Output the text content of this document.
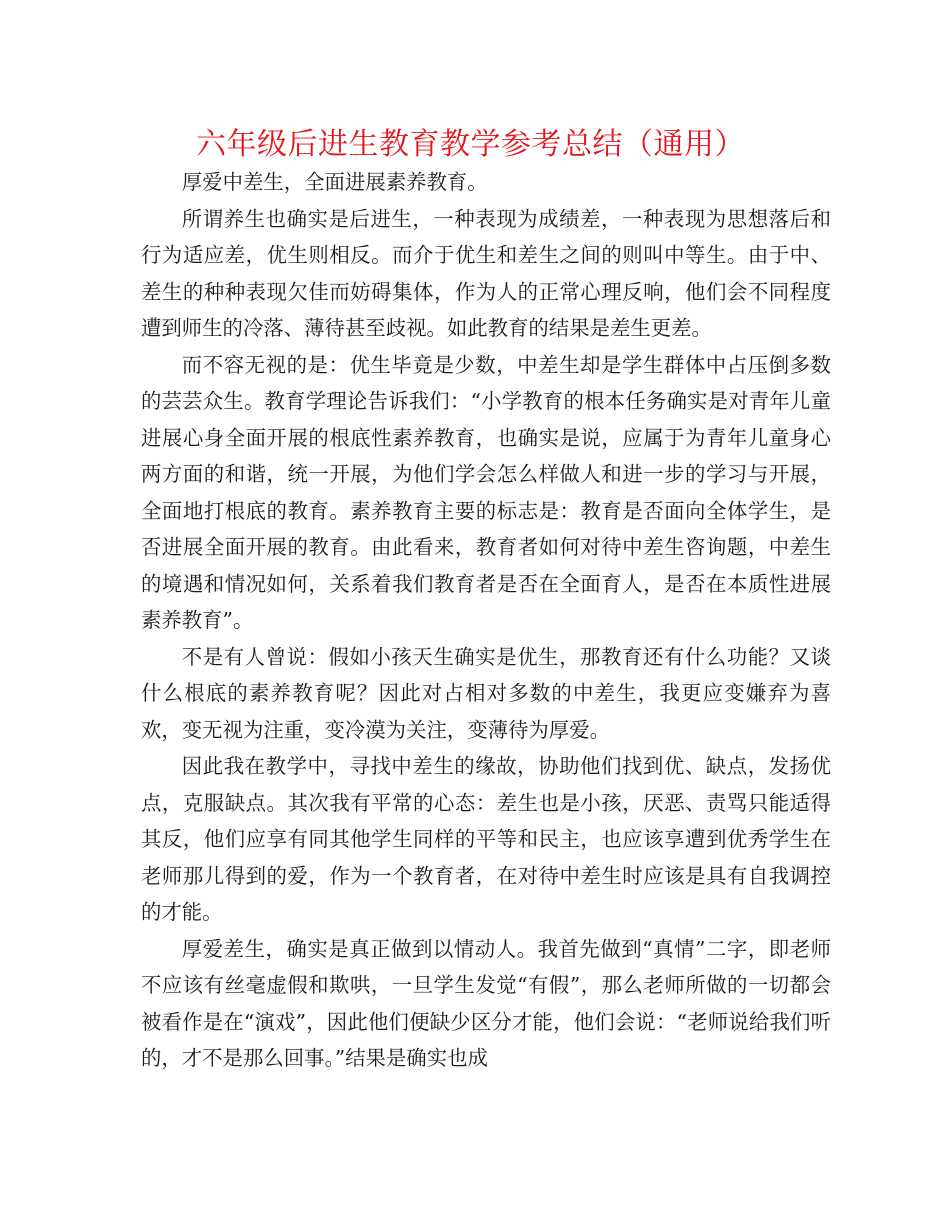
六年级后进生教育教学参考总结（通用）

厚爱中差生，全面进展素养教育。

所谓养生也确实是后进生，一种表现为成绩差，一种表现为思想落后和行为适应差，优生则相反。而介于优生和差生之间的则叫中等生。由于中、差生的种种表现欠佳而妨碍集体，作为人的正常心理反响，他们会不同程度遭到师生的冷落、薄待甚至歧视。如此教育的结果是差生更差。

而不容无视的是：优生毕竟是少数，中差生却是学生群体中占压倒多数的芸芸众生。教育学理论告诉我们：“小学教育的根本任务确实是对青年儿童进展心身全面开展的根底性素养教育，也确实是说，应属于为青年儿童身心两方面的和谐，统一开展，为他们学会怎么样做人和进一步的学习与开展，全面地打根底的教育。素养教育主要的标志是：教育是否面向全体学生，是否进展全面开展的教育。由此看来，教育者如何对待中差生咨询题，中差生的境遇和情况如何，关系着我们教育者是否在全面育人，是否在本质性进展素养教育”。

不是有人曾说：假如小孩天生确实是优生，那教育还有什么功能？又谈什么根底的素养教育呢？因此对占相对多数的中差生，我更应变嫌弃为喜欢，变无视为注重，变冷漠为关注，变薄待为厚爱。

因此我在教学中，寻找中差生的缘故，协助他们找到优、缺点，发扬优点，克服缺点。其次我有平常的心态：差生也是小孩，厌恶、责骂只能适得其反，他们应享有同其他学生同样的平等和民主，也应该享遭到优秀学生在老师那儿得到的爱，作为一个教育者，在对待中差生时应该是具有自我调控的才能。

厚爱差生，确实是真正做到以情动人。我首先做到“真情”二字，即老师不应该有丝毫虚假和欺哄，一旦学生发觉“有假”，那么老师所做的一切都会被看作是在“演戏”，因此他们便缺少区分才能，他们会说：“老师说给我们听的，才不是那么回事。”结果是确实也成
